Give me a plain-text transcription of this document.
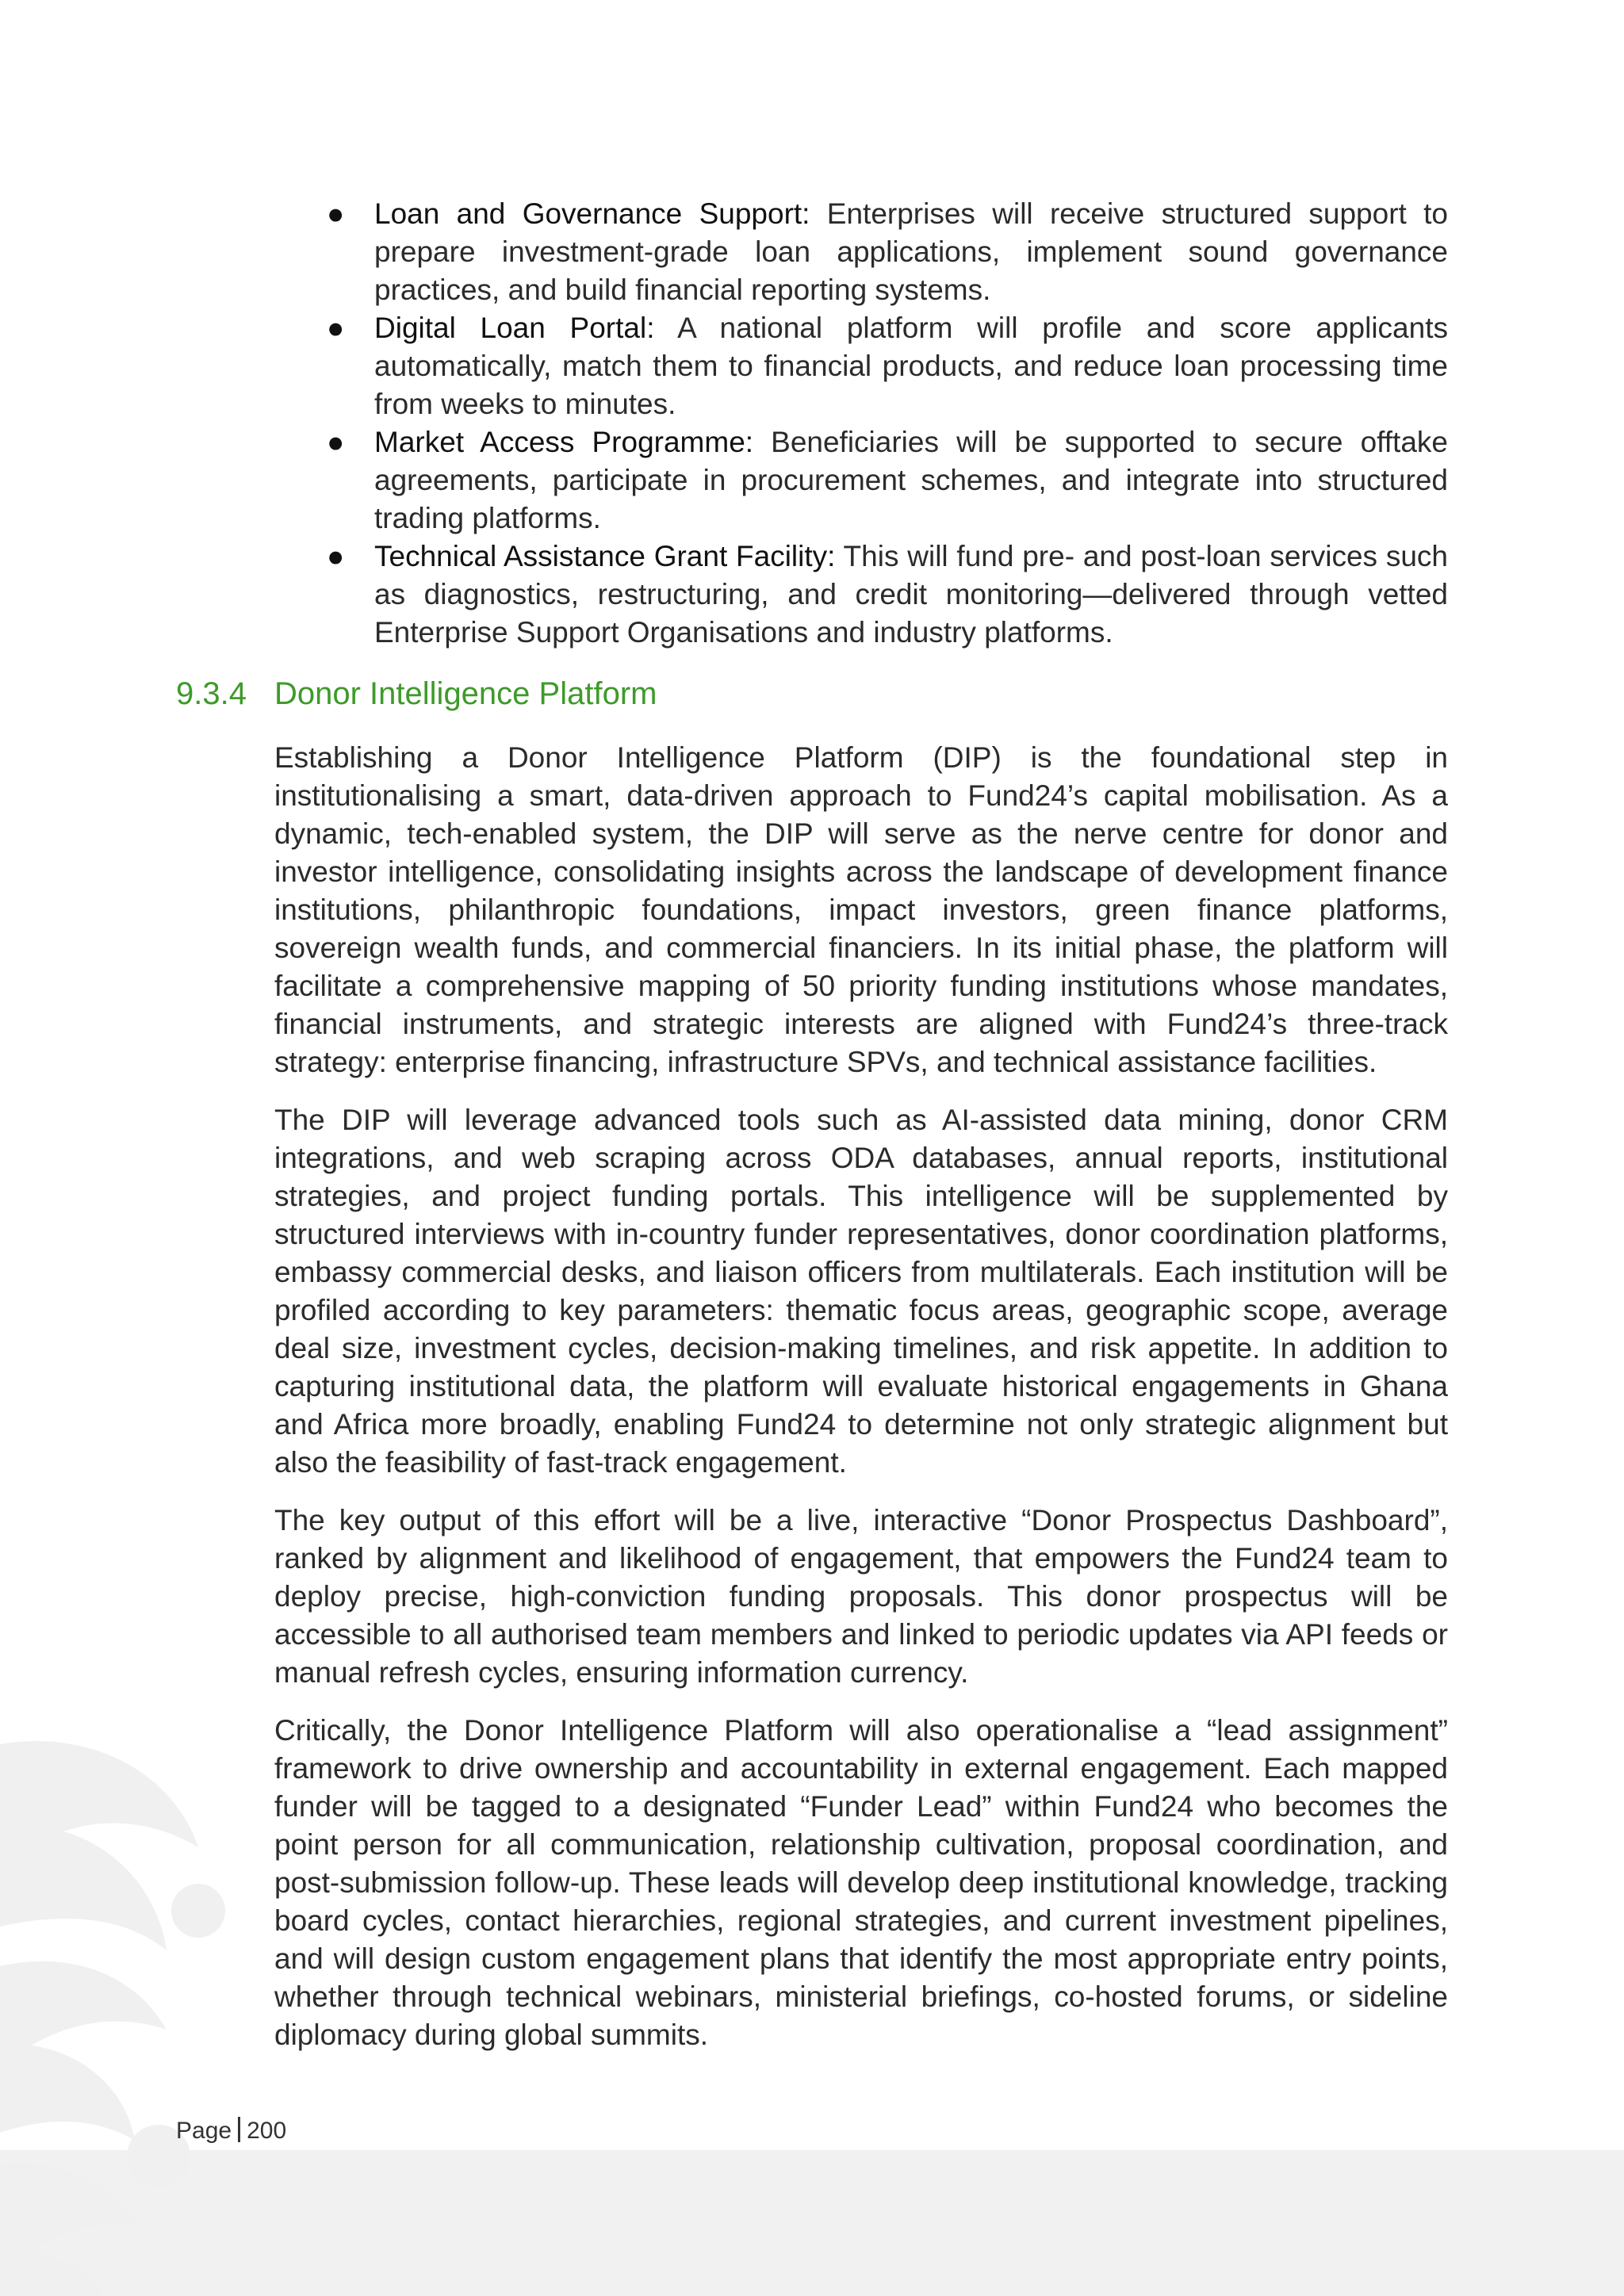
● Loan and Governance Support: Enterprises will receive structured support to prepare investment-grade loan applications, implement sound governance practices, and build financial reporting systems.
● Digital Loan Portal: A national platform will profile and score applicants automatically, match them to financial products, and reduce loan processing time from weeks to minutes.
● Market Access Programme: Beneficiaries will be supported to secure offtake agreements, participate in procurement schemes, and integrate into structured trading platforms.
● Technical Assistance Grant Facility: This will fund pre- and post-loan services such as diagnostics, restructuring, and credit monitoring—delivered through vetted Enterprise Support Organisations and industry platforms.
9.3.4 Donor Intelligence Platform

Establishing a Donor Intelligence Platform (DIP) is the foundational step in institutionalising a smart, data-driven approach to Fund24’s capital mobilisation. As a dynamic, tech-enabled system, the DIP will serve as the nerve centre for donor and investor intelligence, consolidating insights across the landscape of development finance institutions, philanthropic foundations, impact investors, green finance platforms, sovereign wealth funds, and commercial financiers. In its initial phase, the platform will facilitate a comprehensive mapping of 50 priority funding institutions whose mandates, financial instruments, and strategic interests are aligned with Fund24’s three-track strategy: enterprise financing, infrastructure SPVs, and technical assistance facilities.

The DIP will leverage advanced tools such as AI-assisted data mining, donor CRM integrations, and web scraping across ODA databases, annual reports, institutional strategies, and project funding portals. This intelligence will be supplemented by structured interviews with in-country funder representatives, donor coordination platforms, embassy commercial desks, and liaison officers from multilaterals. Each institution will be profiled according to key parameters: thematic focus areas, geographic scope, average deal size, investment cycles, decision-making timelines, and risk appetite. In addition to capturing institutional data, the platform will evaluate historical engagements in Ghana and Africa more broadly, enabling Fund24 to determine not only strategic alignment but also the feasibility of fast-track engagement.

The key output of this effort will be a live, interactive “Donor Prospectus Dashboard”, ranked by alignment and likelihood of engagement, that empowers the Fund24 team to deploy precise, high-conviction funding proposals. This donor prospectus will be accessible to all authorised team members and linked to periodic updates via API feeds or manual refresh cycles, ensuring information currency.

Critically, the Donor Intelligence Platform will also operationalise a “lead assignment” framework to drive ownership and accountability in external engagement. Each mapped funder will be tagged to a designated “Funder Lead” within Fund24 who becomes the point person for all communication, relationship cultivation, proposal coordination, and post-submission follow-up. These leads will develop deep institutional knowledge, tracking board cycles, contact hierarchies, regional strategies, and current investment pipelines, and will design custom engagement plans that identify the most appropriate entry points, whether through technical webinars, ministerial briefings, co-hosted forums, or sideline diplomacy during global summits.

Page 200
